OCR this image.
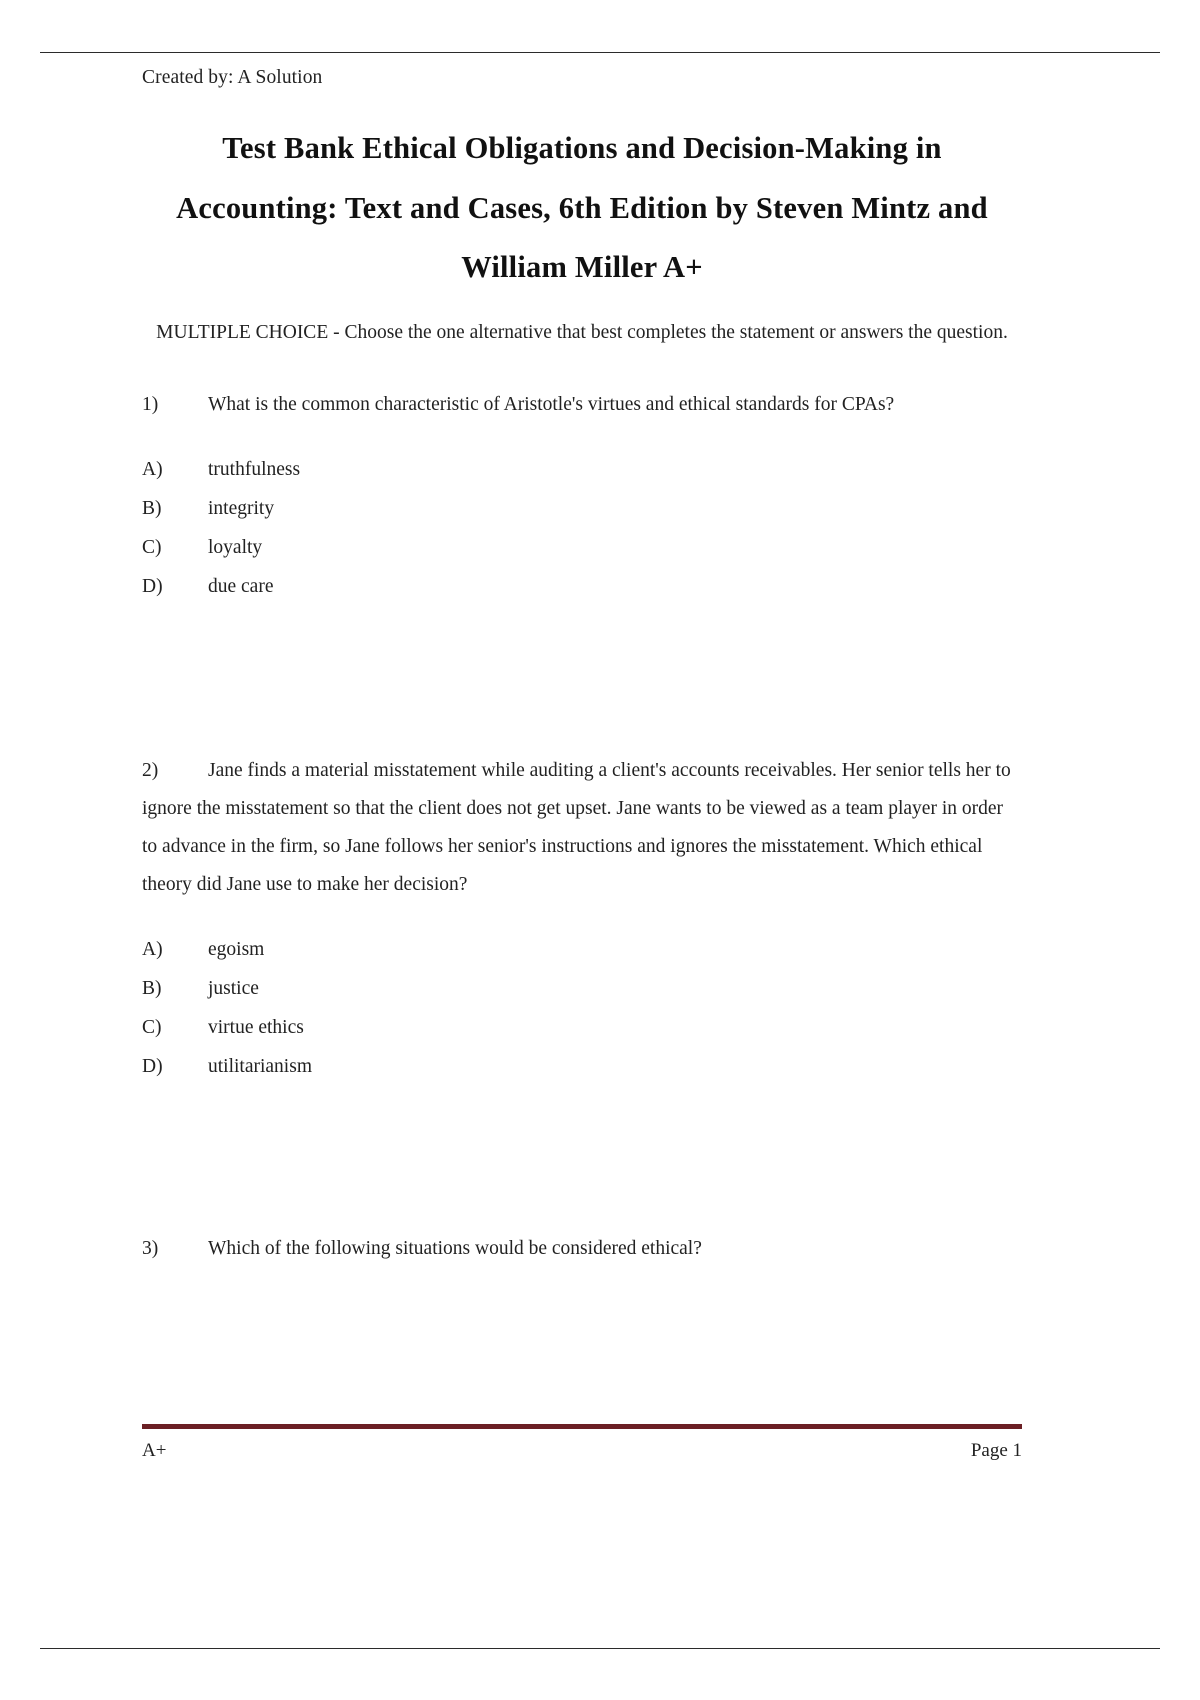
Created by: A Solution
Test Bank Ethical Obligations and Decision-Making in Accounting: Text and Cases, 6th Edition by Steven Mintz and William Miller A+
MULTIPLE CHOICE - Choose the one alternative that best completes the statement or answers the question.
1)	What is the common characteristic of Aristotle's virtues and ethical standards for CPAs?
A) truthfulness
B) integrity
C) loyalty
D) due care
2)	Jane finds a material misstatement while auditing a client's accounts receivables. Her senior tells her to ignore the misstatement so that the client does not get upset. Jane wants to be viewed as a team player in order to advance in the firm, so Jane follows her senior's instructions and ignores the misstatement. Which ethical theory did Jane use to make her decision?
A) egoism
B) justice
C) virtue ethics
D) utilitarianism
3)	Which of the following situations would be considered ethical?
A+	Page 1
